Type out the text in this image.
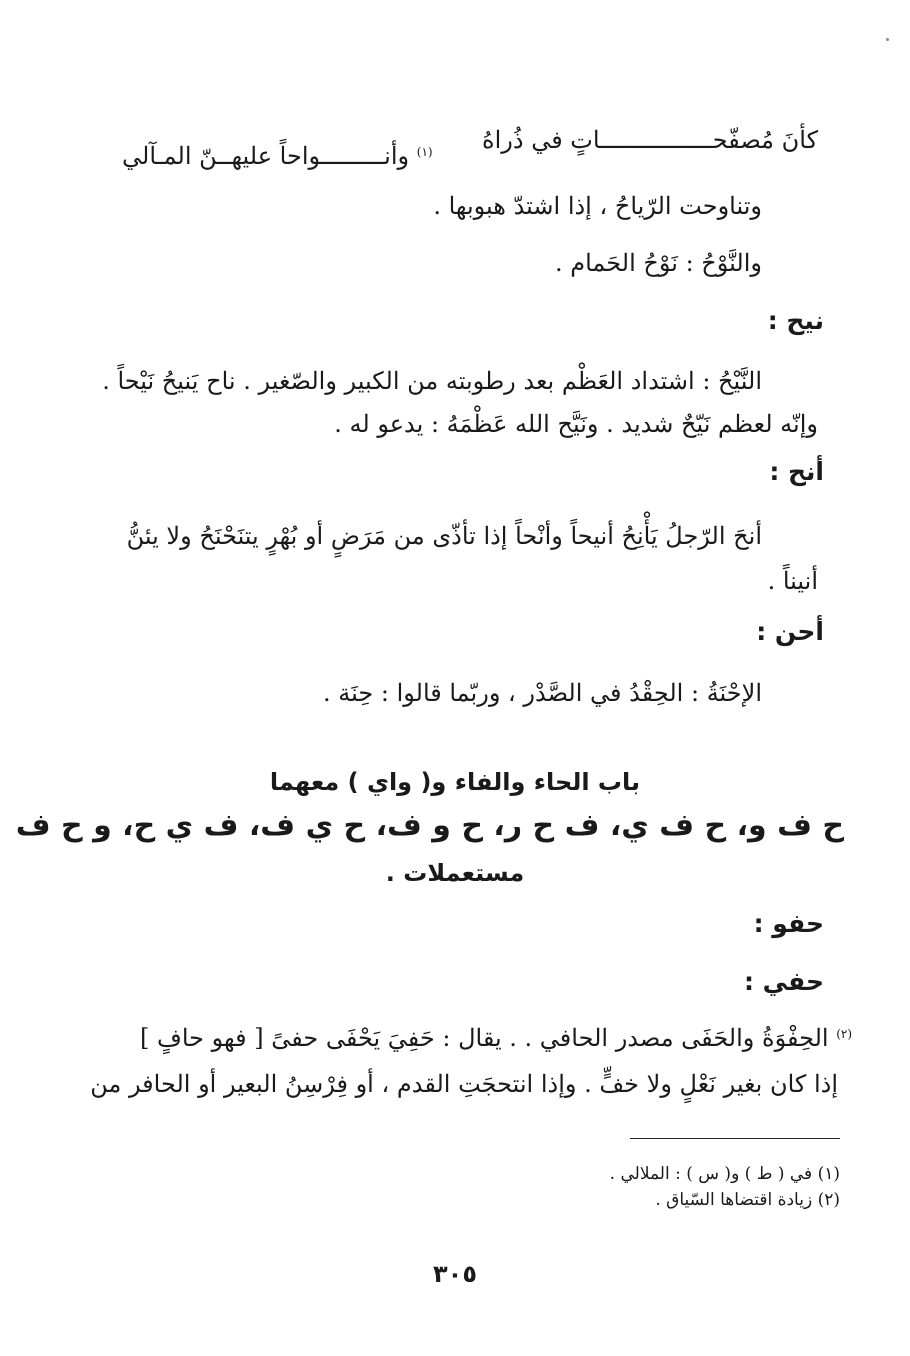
كأنَ مُصفّحــــــــــــــــاتٍ في ذُراهُ
$^{(١)}$ وأنـــــــــواحاً عليهــنّ المـآلي
وتناوحت الرّياحُ ، إذا اشتدّ هبوبها .
والنَّوْحُ : نَوْحُ الحَمام .
نيح :
النَّيْحُ : اشتداد العَظْم بعد رطوبته من الكبير والصّغير . ناح يَنيحُ نَيْحاً .
وإنّه لعظم نَيّحٌ شديد . ونَيَّح الله عَظْمَهُ : يدعو له .
أنح :
أنحَ الرّجلُ يَأْنِحُ أنيحاً وأنْحاً إذا تأذّى من مَرَضٍ أو بُهْرٍ يتنَحْنَحُ ولا يئنُّ
أنيناً .
أحن :
الإحْنَةُ : الحِقْدُ في الصَّدْر ، وربّما قالوا : حِنَة .
باب الحاء والفاء و( واي ) معهما
ح ف و، ح ف ي، ف ح ر، ح و ف، ح ي ف، ف ي ح، و ح ف
مستعملات .
حفو :
حفي :
$^{(٢)}$ الحِفْوَةُ والحَفَى مصدر الحافي . . يقال : حَفِيَ يَحْفَى حفىً [ فهو حافٍ ]
إذا كان بغير نَعْلٍ ولا خفٍّ . وإذا انتحجَتِ القدم ، أو فِرْسِنُ البعير أو الحافر من
(١) في ( ط ) و( س ) : الملالي .
(٢) زيادة اقتضاها السّياق .
٣٠٥
